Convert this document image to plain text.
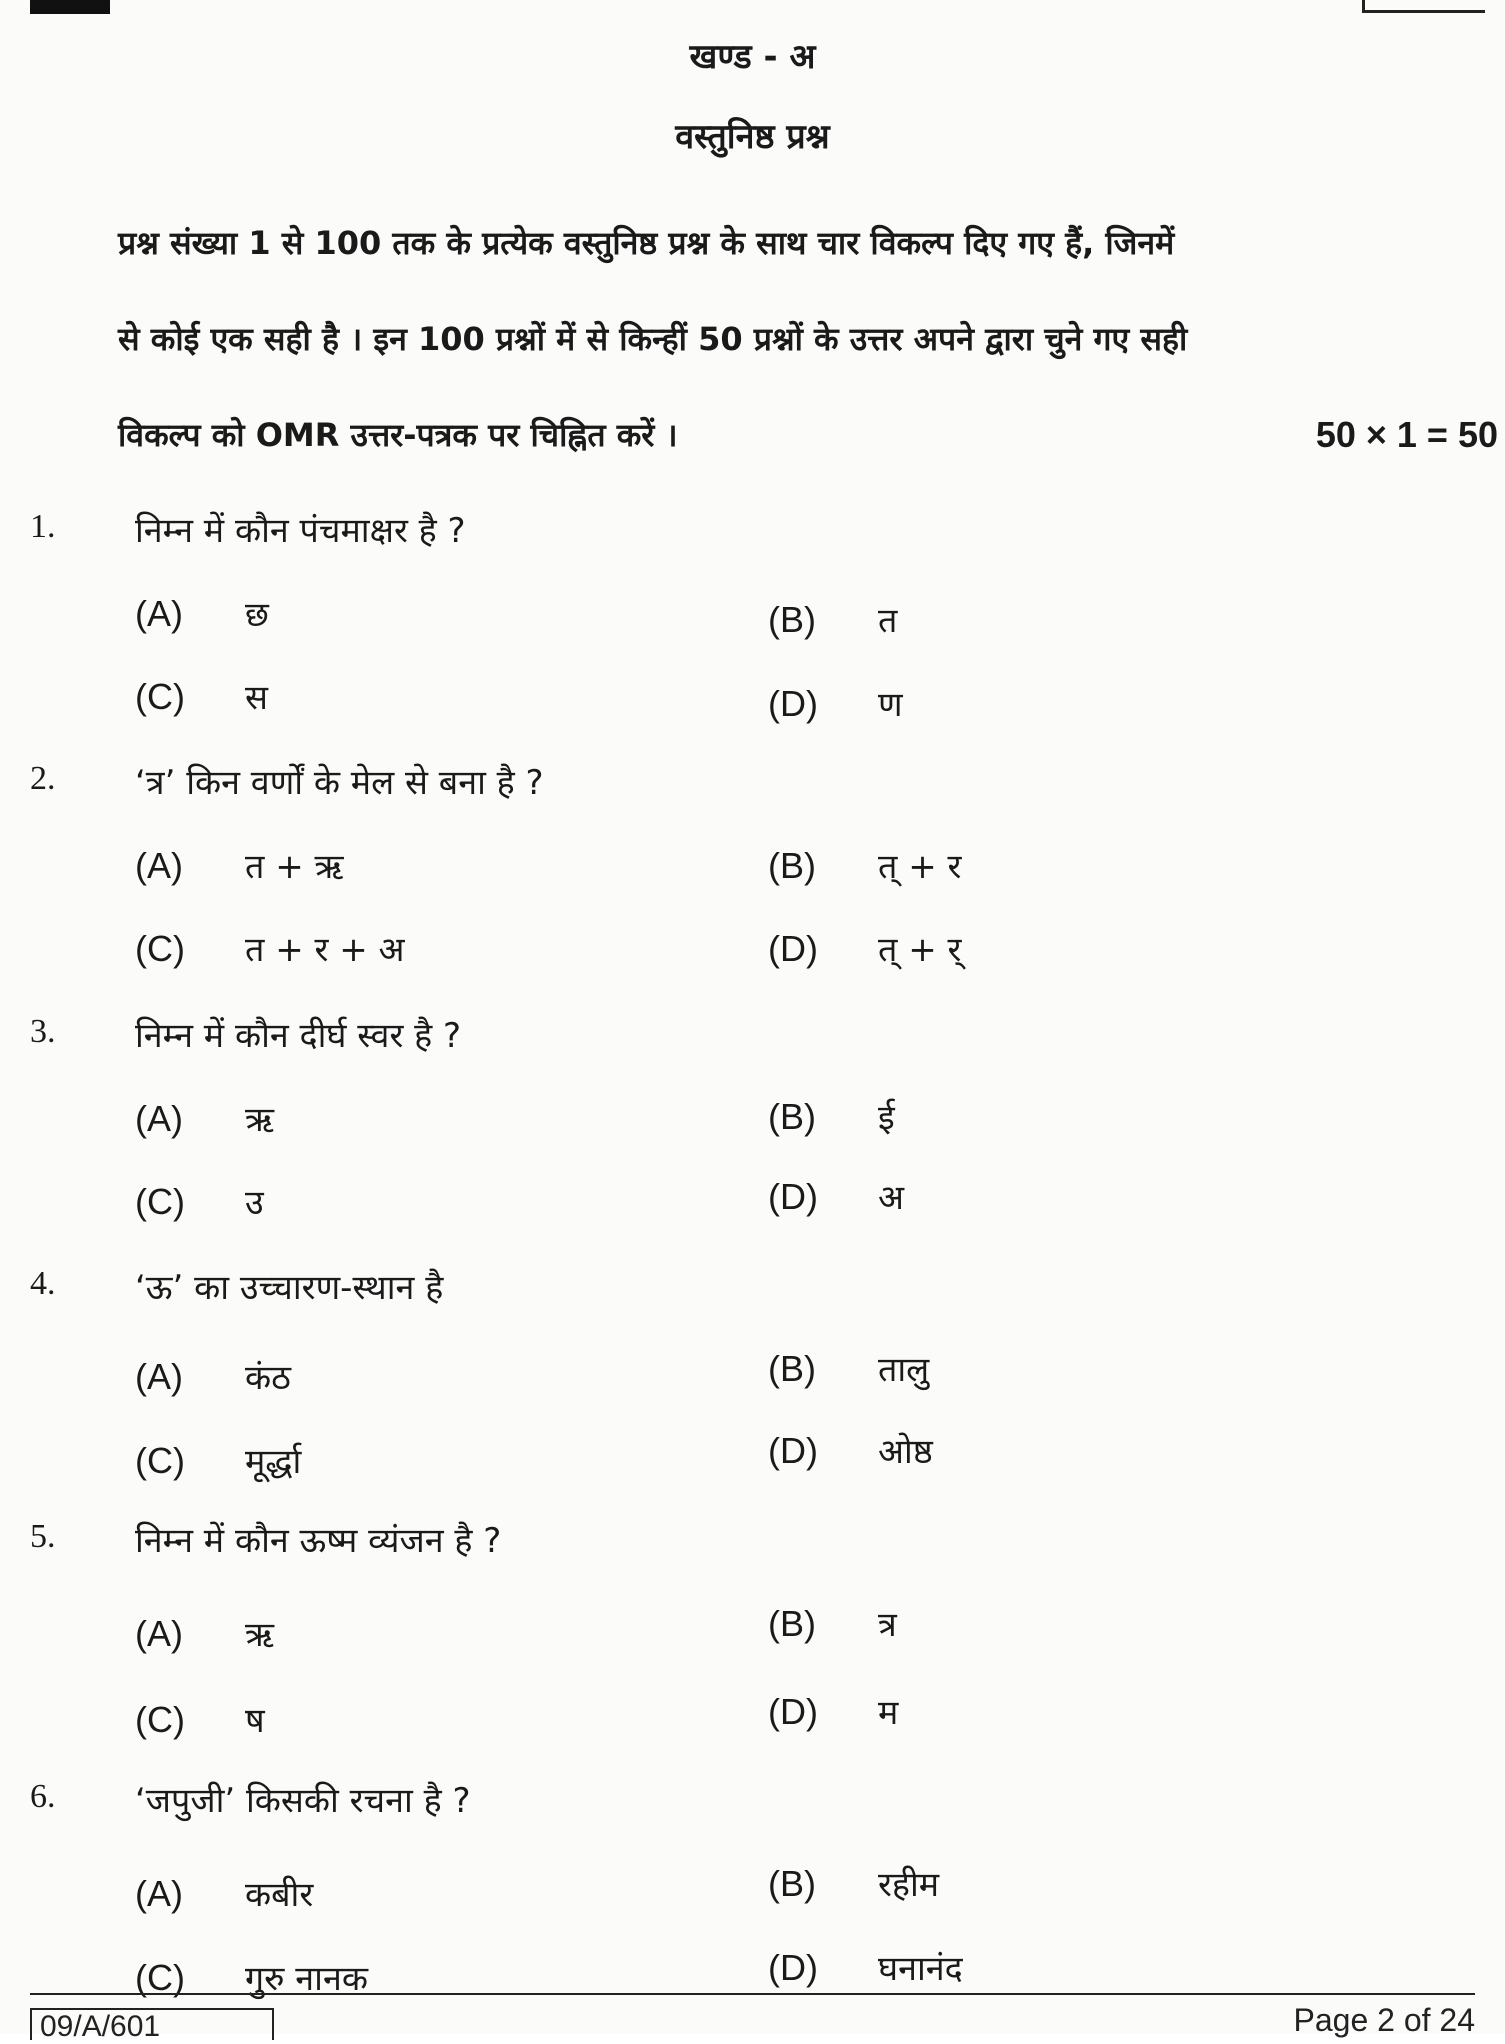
खण्ड - अ
वस्तुनिष्ठ प्रश्न
प्रश्न संख्या 1 से 100 तक के प्रत्येक वस्तुनिष्ठ प्रश्न के साथ चार विकल्प दिए गए हैं, जिनमें
से कोई एक सही है । इन 100 प्रश्नों में से किन्हीं 50 प्रश्नों के उत्तर अपने द्वारा चुने गए सही
विकल्प को OMR उत्तर-पत्रक पर चिह्नित करें ।	50 × 1 = 50
1. निम्न में कौन पंचमाक्षर है ?
(A) छ	(B) त
(C) स	(D) ण
2. ‘त्र’ किन वर्णों के मेल से बना है ?
(A) त + ऋ	(B) त् + र
(C) त + र + अ	(D) त् + र्
3. निम्न में कौन दीर्घ स्वर है ?
(A) ऋ	(B) ई
(C) उ	(D) अ
4. ‘ऊ’ का उच्चारण-स्थान है
(A) कंठ	(B) तालु
(C) मूर्द्धा	(D) ओष्ठ
5. निम्न में कौन ऊष्म व्यंजन है ?
(A) ऋ	(B) त्र
(C) ष	(D) म
6. ‘जपुजी’ किसकी रचना है ?
(A) कबीर	(B) रहीम
(C) गुरु नानक	(D) घनानंद
09/A/601	Page 2 of 24
